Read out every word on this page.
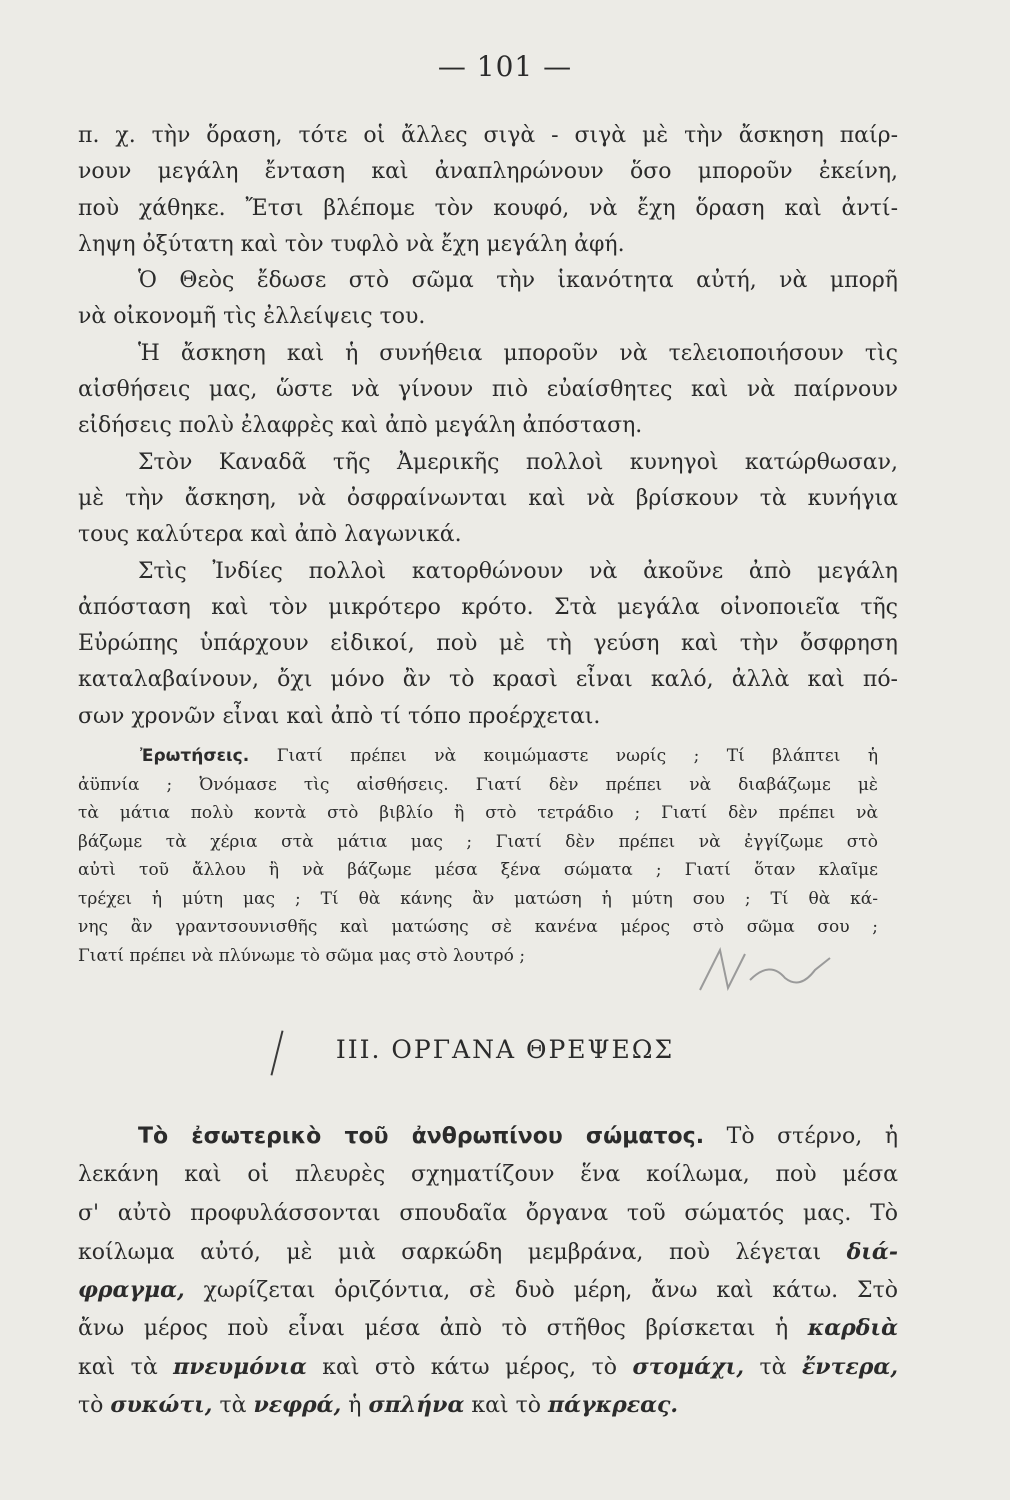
— 101 —
π. χ. τὴν ὅραση, τότε οἱ ἄλλες σιγὰ - σιγὰ μὲ τὴν ἄσκηση παίρ-
νουν μεγάλη ἔνταση καὶ ἀναπληρώνουν ὅσο μποροῦν ἐκείνη,
ποὺ χάθηκε. Ἔτσι βλέπομε τὸν κουφό, νὰ ἔχη ὅραση καὶ ἀντί-
ληψη ὀξύτατη καὶ τὸν τυφλὸ νὰ ἔχη μεγάλη ἀφή.
Ὁ Θεὸς ἔδωσε στὸ σῶμα τὴν ἱκανότητα αὐτή, νὰ μπορῆ
νὰ οἰκονομῆ τὶς ἐλλείψεις του.
Ἡ ἄσκηση καὶ ἡ συνήθεια μποροῦν νὰ τελειοποιήσουν τὶς
αἰσθήσεις μας, ὥστε νὰ γίνουν πιὸ εὐαίσθητες καὶ νὰ παίρνουν
εἰδήσεις πολὺ ἐλαφρὲς καὶ ἀπὸ μεγάλη ἀπόσταση.
Στὸν Καναδᾶ τῆς Ἀμερικῆς πολλοὶ κυνηγοὶ κατώρθωσαν,
μὲ τὴν ἄσκηση, νὰ ὀσφραίνωνται καὶ νὰ βρίσκουν τὰ κυνήγια
τους καλύτερα καὶ ἀπὸ λαγωνικά.
Στὶς Ἰνδίες πολλοὶ κατορθώνουν νὰ ἀκοῦνε ἀπὸ μεγάλη
ἀπόσταση καὶ τὸν μικρότερο κρότο. Στὰ μεγάλα οἰνοποιεῖα τῆς
Εὐρώπης ὑπάρχουν εἰδικοί, ποὺ μὲ τὴ γεύση καὶ τὴν ὄσφρηση
καταλαβαίνουν, ὄχι μόνο ἂν τὸ κρασὶ εἶναι καλό, ἀλλὰ καὶ πό-
σων χρονῶν εἶναι καὶ ἀπὸ τί τόπο προέρχεται.
Ἐρωτήσεις. Γιατί πρέπει νὰ κοιμώμαστε νωρίς ; Τί βλάπτει ἡ
ἀϋπνία ; Ὀνόμασε τὶς αἰσθήσεις. Γιατί δὲν πρέπει νὰ διαβάζωμε μὲ
τὰ μάτια πολὺ κοντὰ στὸ βιβλίο ἢ στὸ τετράδιο ; Γιατί δὲν πρέπει νὰ
βάζωμε τὰ χέρια στὰ μάτια μας ; Γιατί δὲν πρέπει νὰ ἐγγίζωμε στὸ
αὐτὶ τοῦ ἄλλου ἢ νὰ βάζωμε μέσα ξένα σώματα ; Γιατί ὅταν κλαῖμε
τρέχει ἡ μύτη μας ; Τί θὰ κάνης ἂν ματώση ἡ μύτη σου ; Τί θὰ κά-
νης ἂν γραντσουνισθῆς καὶ ματώσης σὲ κανένα μέρος στὸ σῶμα σου ;
Γιατί πρέπει νὰ πλύνωμε τὸ σῶμα μας στὸ λουτρό ;
III. ΟΡΓΑΝΑ ΘΡΕΨΕΩΣ
Τὸ ἐσωτερικὸ τοῦ ἀνθρωπίνου σώματος. Τὸ στέρνο, ἡ
λεκάνη καὶ οἱ πλευρὲς σχηματίζουν ἕνα κοίλωμα, ποὺ μέσα
σ' αὐτὸ προφυλάσσονται σπουδαῖα ὄργανα τοῦ σώματός μας. Τὸ
κοίλωμα αὐτό, μὲ μιὰ σαρκώδη μεμβράνα, ποὺ λέγεται διά-
φραγμα, χωρίζεται ὁριζόντια, σὲ δυὸ μέρη, ἄνω καὶ κάτω. Στὸ
ἄνω μέρος ποὺ εἶναι μέσα ἀπὸ τὸ στῆθος βρίσκεται ἡ καρδιὰ
καὶ τὰ πνευμόνια καὶ στὸ κάτω μέρος, τὸ στομάχι, τὰ ἔντερα,
τὸ συκώτι, τὰ νεφρά, ἡ σπλήνα καὶ τὸ πάγκρεας.
